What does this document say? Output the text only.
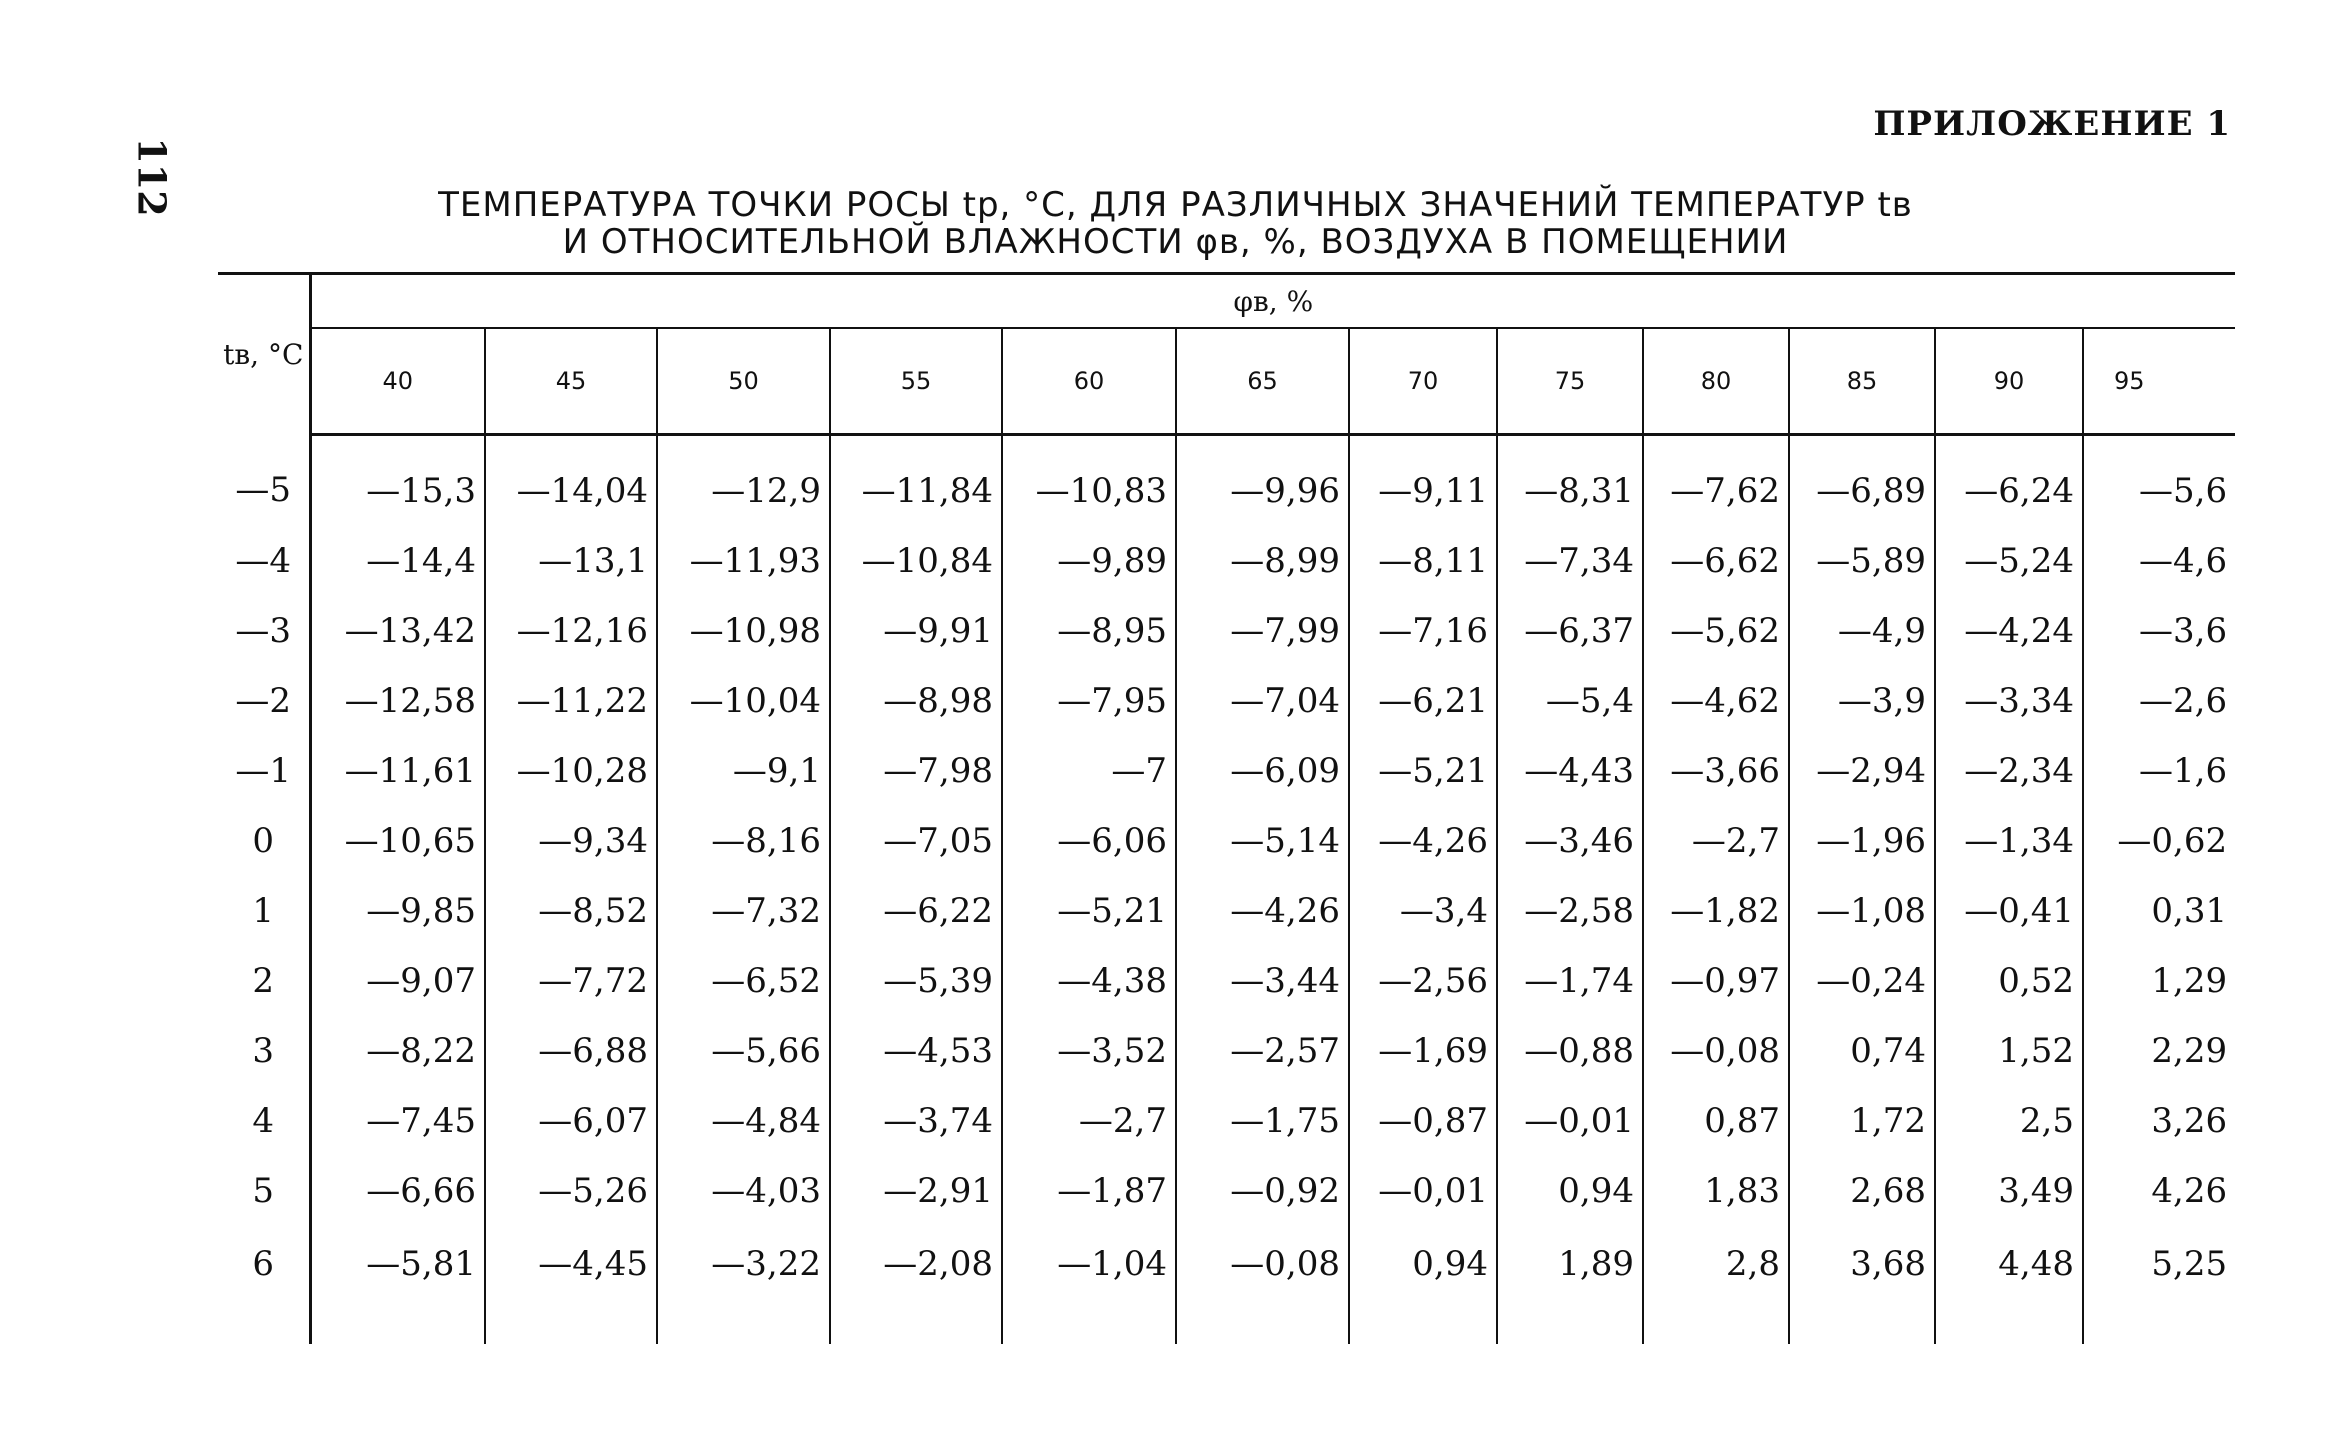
112
ПРИЛОЖЕНИЕ 1
ТЕМПЕРАТУРА ТОЧКИ РОСЫ tр, °С, ДЛЯ РАЗЛИЧНЫХ ЗНАЧЕНИЙ ТЕМПЕРАТУР tв
И ОТНОСИТЕЛЬНОЙ ВЛАЖНОСТИ φв, %, ВОЗДУХА В ПОМЕЩЕНИИ
tв, °С	φв, %											
	40	45	50	55	60	65	70	75	80	85	90	95
—5	—15,3	—14,04	—12,9	—11,84	—10,83	—9,96	—9,11	—8,31	—7,62	—6,89	—6,24	—5,6
—4	—14,4	—13,1	—11,93	—10,84	—9,89	—8,99	—8,11	—7,34	—6,62	—5,89	—5,24	—4,6
—3	—13,42	—12,16	—10,98	—9,91	—8,95	—7,99	—7,16	—6,37	—5,62	—4,9	—4,24	—3,6
—2	—12,58	—11,22	—10,04	—8,98	—7,95	—7,04	—6,21	—5,4	—4,62	—3,9	—3,34	—2,6
—1	—11,61	—10,28	—9,1	—7,98	—7	—6,09	—5,21	—4,43	—3,66	—2,94	—2,34	—1,6
0	—10,65	—9,34	—8,16	—7,05	—6,06	—5,14	—4,26	—3,46	—2,7	—1,96	—1,34	—0,62
1	—9,85	—8,52	—7,32	—6,22	—5,21	—4,26	—3,4	—2,58	—1,82	—1,08	—0,41	0,31
2	—9,07	—7,72	—6,52	—5,39	—4,38	—3,44	—2,56	—1,74	—0,97	—0,24	0,52	1,29
3	—8,22	—6,88	—5,66	—4,53	—3,52	—2,57	—1,69	—0,88	—0,08	0,74	1,52	2,29
4	—7,45	—6,07	—4,84	—3,74	—2,7	—1,75	—0,87	—0,01	0,87	1,72	2,5	3,26
5	—6,66	—5,26	—4,03	—2,91	—1,87	—0,92	—0,01	0,94	1,83	2,68	3,49	4,26
6	—5,81	—4,45	—3,22	—2,08	—1,04	—0,08	0,94	1,89	2,8	3,68	4,48	5,25
